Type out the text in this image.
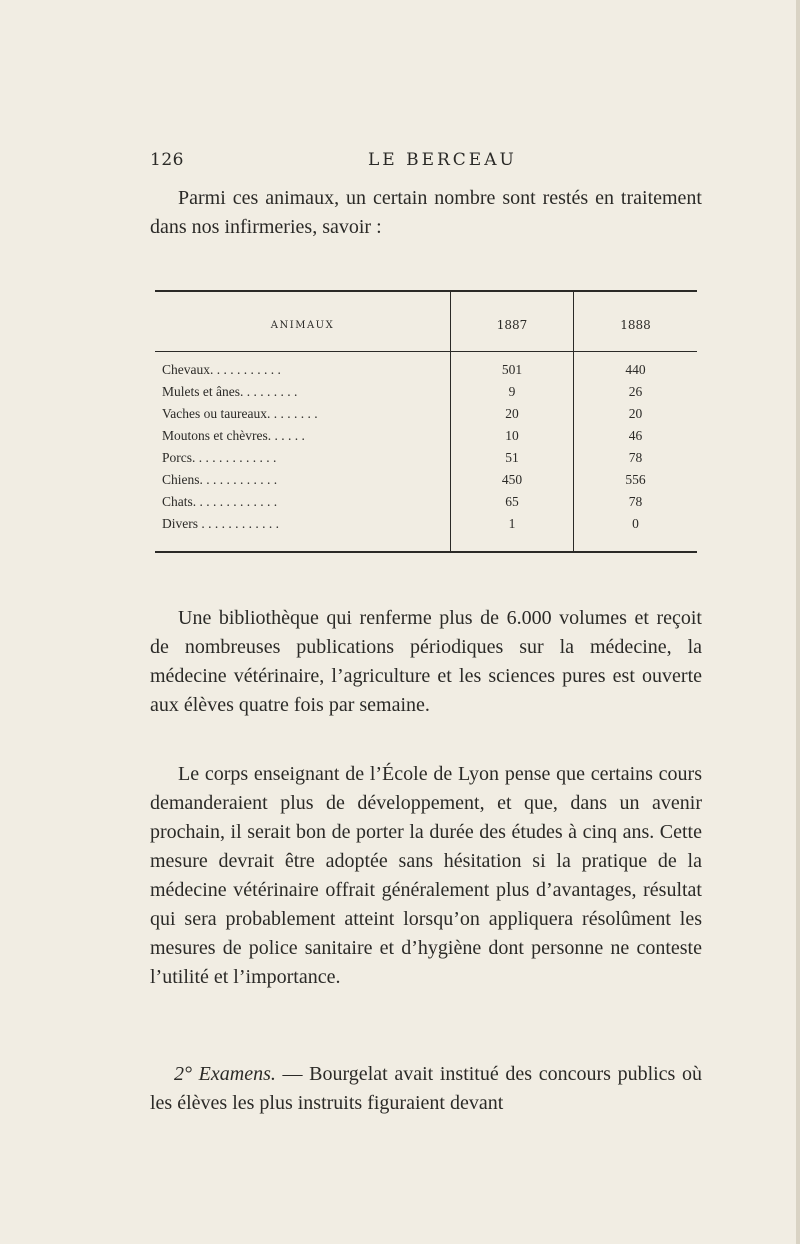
126	LE BERCEAU

Parmi ces animaux, un certain nombre sont restés en traitement dans nos infirmeries, savoir :

ANIMAUX	1887	1888
Chevaux. . . . . . . . . . .	501	440
Mulets et ânes. . . . . . . . .	9	26
Vaches ou taureaux. . . . . . . .	20	20
Moutons et chèvres. . . . . .	10	46
Porcs. . . . . . . . . . . . .	51	78
Chiens. . . . . . . . . . . .	450	556
Chats. . . . . . . . . . . . .	65	78
Divers . . . . . . . . . . . .	1	0

Une bibliothèque qui renferme plus de 6.000 volumes et reçoit de nombreuses publications périodiques sur la médecine, la médecine vétérinaire, l’agriculture et les sciences pures est ouverte aux élèves quatre fois par semaine.

Le corps enseignant de l’École de Lyon pense que certains cours demanderaient plus de développement, et que, dans un avenir prochain, il serait bon de porter la durée des études à cinq ans. Cette mesure devrait être adoptée sans hésitation si la pratique de la médecine vétérinaire offrait généralement plus d’avantages, résultat qui sera probablement atteint lorsqu’on appliquera résolûment les mesures de police sanitaire et d’hygiène dont personne ne conteste l’utilité et l’importance.

2° Examens. — Bourgelat avait institué des concours publics où les élèves les plus instruits figuraient devant
